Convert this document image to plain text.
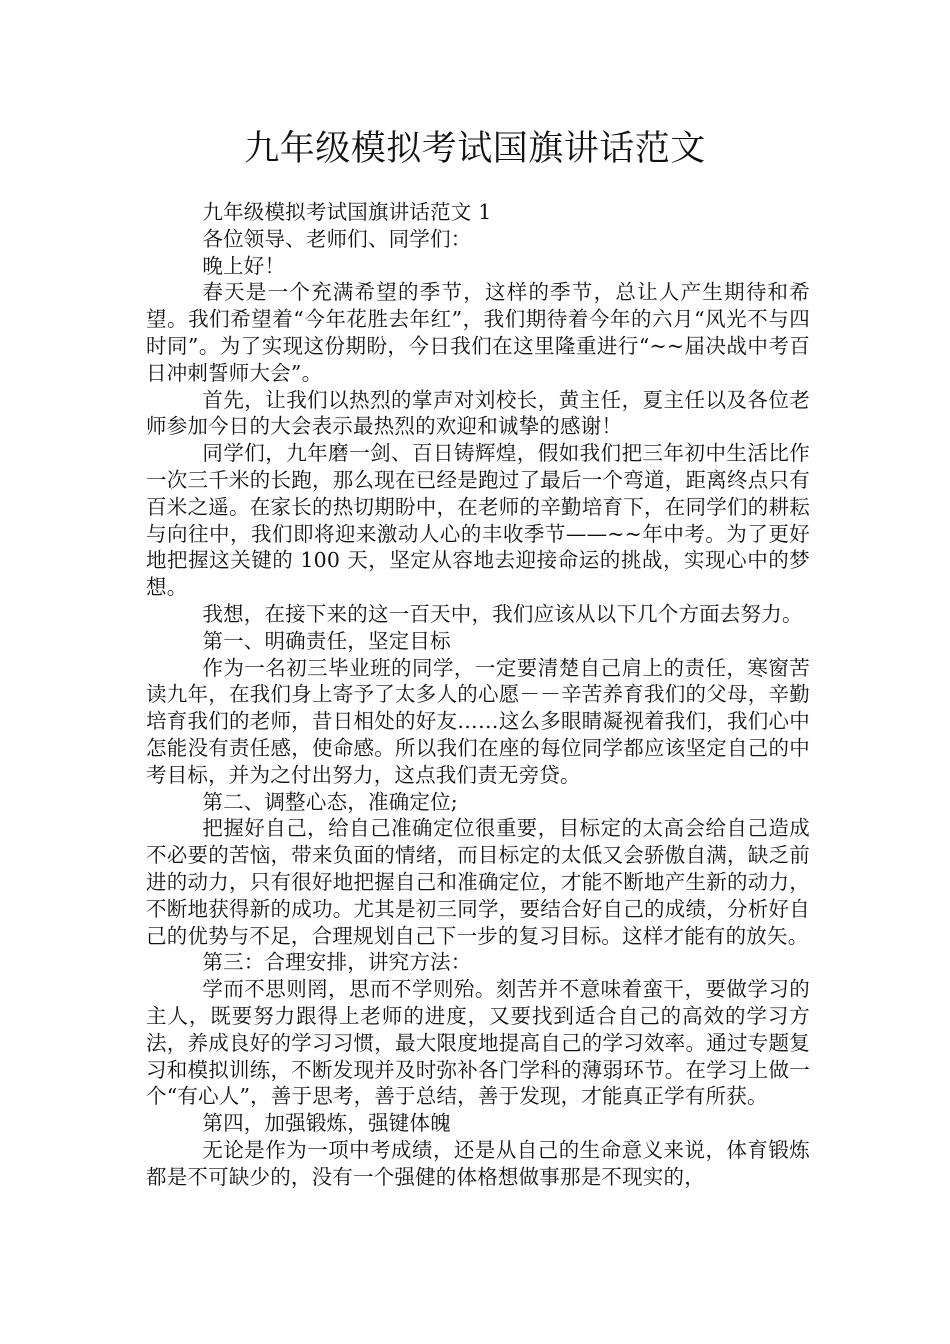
九年级模拟考试国旗讲话范文

九年级模拟考试国旗讲话范文 1

各位领导、老师们、同学们：

晚上好！

春天是一个充满希望的季节，这样的季节，总让人产生期待和希望。我们希望着“今年花胜去年红”，我们期待着今年的六月“风光不与四时同”。为了实现这份期盼，今日我们在这里隆重进行“~~届决战中考百日冲刺誓师大会”。

首先，让我们以热烈的掌声对刘校长，黄主任，夏主任以及各位老师参加今日的大会表示最热烈的欢迎和诚挚的感谢！

同学们，九年磨一剑、百日铸辉煌，假如我们把三年初中生活比作一次三千米的长跑，那么现在已经是跑过了最后一个弯道，距离终点只有百米之遥。在家长的热切期盼中，在老师的辛勤培育下，在同学们的耕耘与向往中，我们即将迎来激动人心的丰收季节——~~年中考。为了更好地把握这关键的 100 天，坚定从容地去迎接命运的挑战，实现心中的梦想。

我想，在接下来的这一百天中，我们应该从以下几个方面去努力。

第一、明确责任，坚定目标

作为一名初三毕业班的同学，一定要清楚自己肩上的责任，寒窗苦读九年，在我们身上寄予了太多人的心愿－－辛苦养育我们的父母，辛勤培育我们的老师，昔日相处的好友……这么多眼睛凝视着我们，我们心中怎能没有责任感，使命感。所以我们在座的每位同学都应该坚定自己的中考目标，并为之付出努力，这点我们责无旁贷。

第二、调整心态，准确定位;

把握好自己，给自己准确定位很重要，目标定的太高会给自己造成不必要的苦恼，带来负面的情绪，而目标定的太低又会骄傲自满，缺乏前进的动力，只有很好地把握自己和准确定位，才能不断地产生新的动力，不断地获得新的成功。尤其是初三同学，要结合好自己的成绩，分析好自己的优势与不足，合理规划自己下一步的复习目标。这样才能有的放矢。

第三：合理安排，讲究方法：

学而不思则罔，思而不学则殆。刻苦并不意味着蛮干，要做学习的主人，既要努力跟得上老师的进度，又要找到适合自己的高效的学习方法，养成良好的学习习惯，最大限度地提高自己的学习效率。通过专题复习和模拟训练，不断发现并及时弥补各门学科的薄弱环节。在学习上做一个“有心人”，善于思考，善于总结，善于发现，才能真正学有所获。

第四，加强锻炼，强键体魄

无论是作为一项中考成绩，还是从自己的生命意义来说，体育锻炼都是不可缺少的，没有一个强健的体格想做事那是不现实的，
